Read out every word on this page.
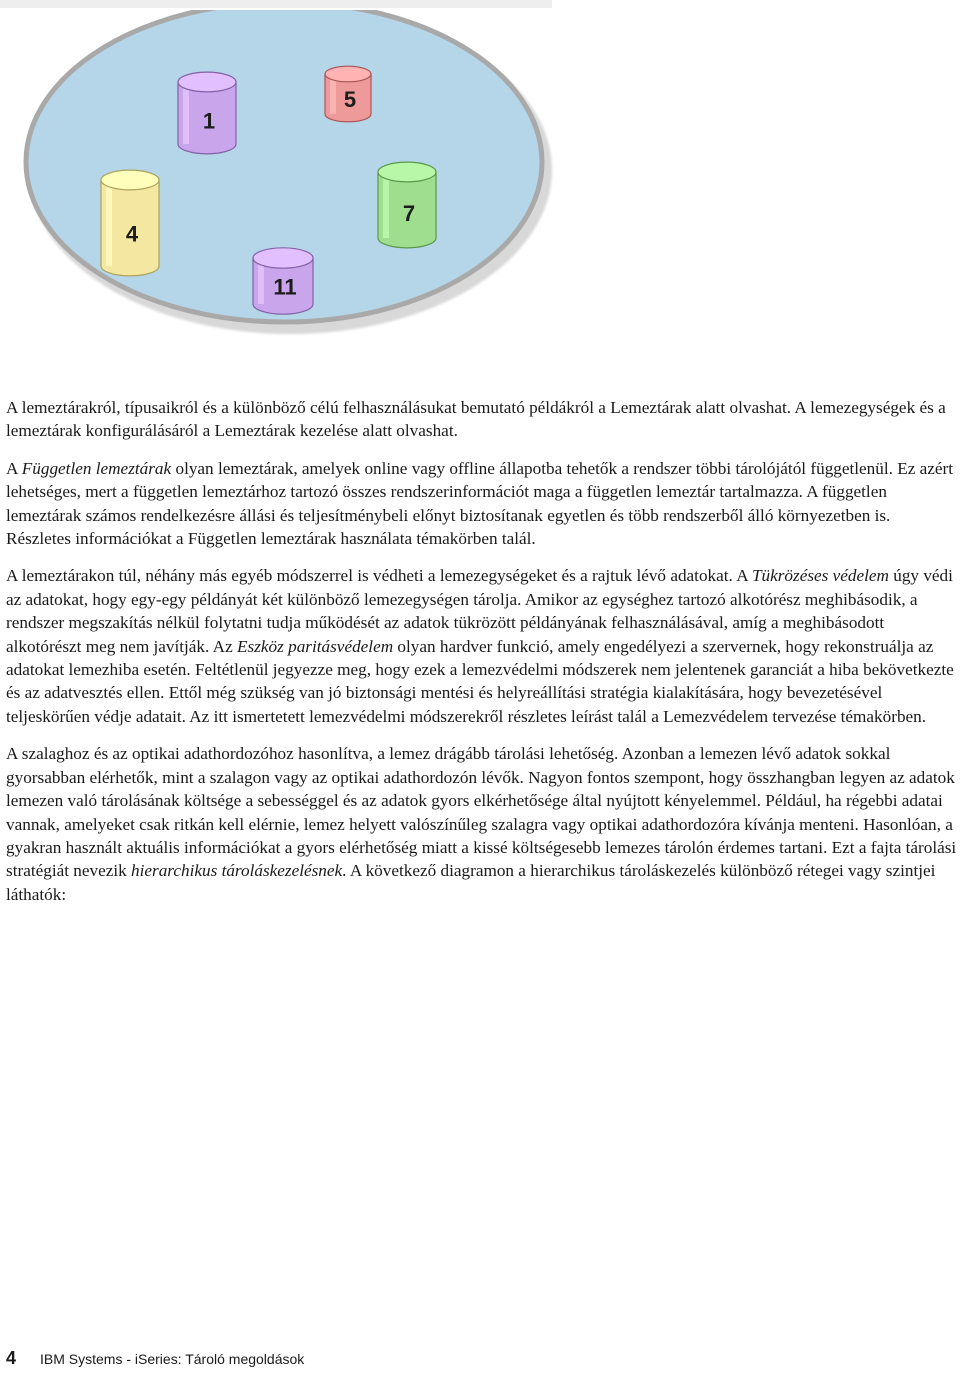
1
5
4
7
11

A lemeztárakról, típusaikról és a különböző célú felhasználásukat bemutató példákról a Lemeztárak alatt olvashat. A lemezegységek és a lemeztárak konfigurálásáról a Lemeztárak kezelése alatt olvashat.

A Független lemeztárak olyan lemeztárak, amelyek online vagy offline állapotba tehetők a rendszer többi tárolójától függetlenül. Ez azért lehetséges, mert a független lemeztárhoz tartozó összes rendszerinformációt maga a független lemeztár tartalmazza. A független lemeztárak számos rendelkezésre állási és teljesítménybeli előnyt biztosítanak egyetlen és több rendszerből álló környezetben is. Részletes információkat a Független lemeztárak használata témakörben talál.

A lemeztárakon túl, néhány más egyéb módszerrel is védheti a lemezegységeket és a rajtuk lévő adatokat. A Tükrözéses védelem úgy védi az adatokat, hogy egy-egy példányát két különböző lemezegységen tárolja. Amikor az egységhez tartozó alkotórész meghibásodik, a rendszer megszakítás nélkül folytatni tudja működését az adatok tükrözött példányának felhasználásával, amíg a meghibásodott alkotórészt meg nem javítják. Az Eszköz paritásvédelem olyan hardver funkció, amely engedélyezi a szervernek, hogy rekonstruálja az adatokat lemezhiba esetén. Feltétlenül jegyezze meg, hogy ezek a lemezvédelmi módszerek nem jelentenek garanciát a hiba bekövetkezte és az adatvesztés ellen. Ettől még szükség van jó biztonsági mentési és helyreállítási stratégia kialakítására, hogy bevezetésével teljeskörűen védje adatait. Az itt ismertetett lemezvédelmi módszerekről részletes leírást talál a Lemezvédelem tervezése témakörben.

A szalaghoz és az optikai adathordozóhoz hasonlítva, a lemez drágább tárolási lehetőség. Azonban a lemezen lévő adatok sokkal gyorsabban elérhetők, mint a szalagon vagy az optikai adathordozón lévők. Nagyon fontos szempont, hogy összhangban legyen az adatok lemezen való tárolásának költsége a sebességgel és az adatok gyors elkérhetősége által nyújtott kényelemmel. Például, ha régebbi adatai vannak, amelyeket csak ritkán kell elérnie, lemez helyett valószínűleg szalagra vagy optikai adathordozóra kívánja menteni. Hasonlóan, a gyakran használt aktuális információkat a gyors elérhetőség miatt a kissé költségesebb lemezes tárolón érdemes tartani. Ezt a fajta tárolási stratégiát nevezik hierarchikus tároláskezelésnek. A következő diagramon a hierarchikus tároláskezelés különböző rétegei vagy szintjei láthatók:

4	IBM Systems - iSeries: Tároló megoldások
